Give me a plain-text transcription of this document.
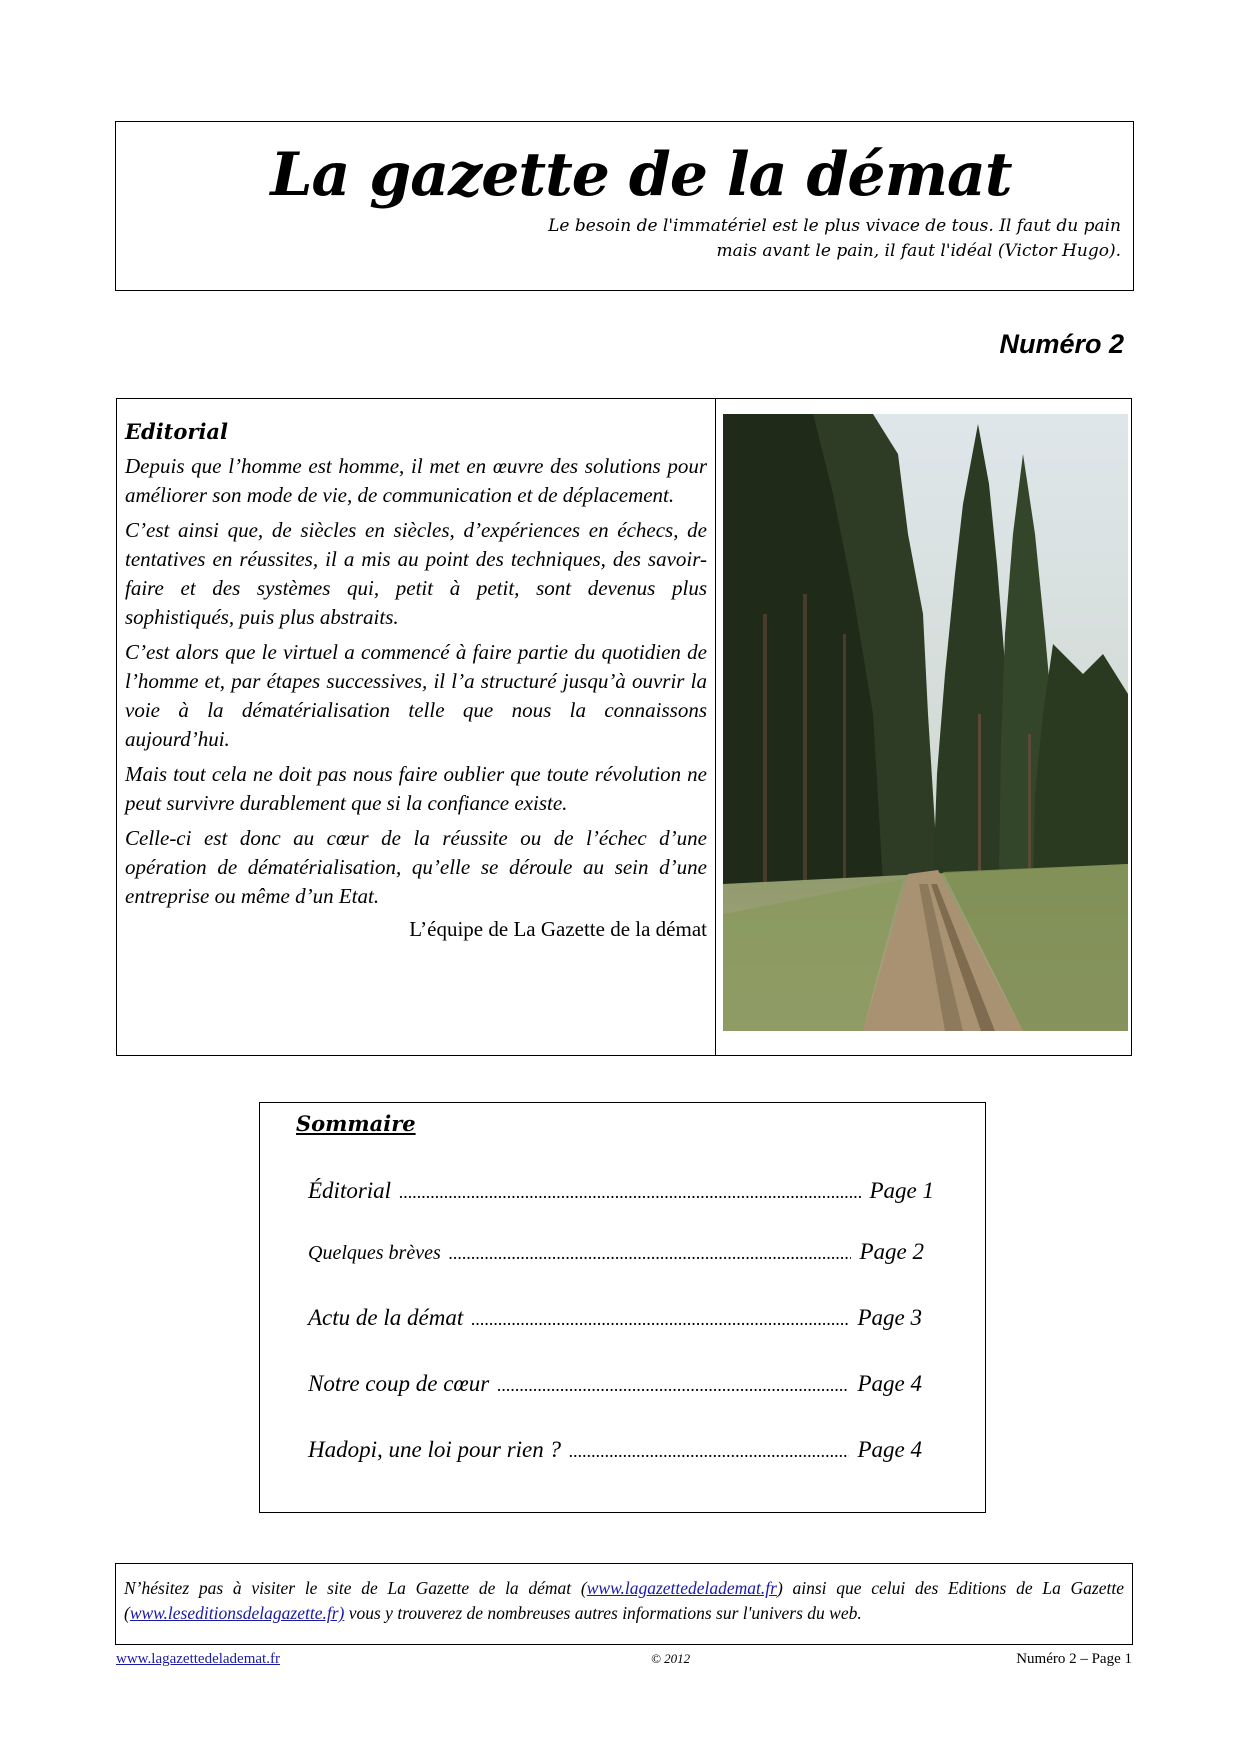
La gazette de la démat
Le besoin de l'immatériel est le plus vivace de tous. Il faut du pain
mais avant le pain, il faut l'idéal (Victor Hugo).
Numéro 2
Editorial

Depuis que l’homme est homme, il met en œuvre des solutions pour améliorer son mode de vie, de communication et de déplacement.

C’est ainsi que, de siècles en siècles, d’expériences en échecs, de tentatives en réussites, il a mis au point des techniques, des savoir-faire et des systèmes qui, petit à petit, sont devenus plus sophistiqués, puis plus abstraits.

C’est alors que le virtuel a commencé à faire partie du quotidien de l’homme et, par étapes successives, il l’a structuré jusqu’à ouvrir la voie à la dématérialisation telle que nous la connaissons aujourd’hui.

Mais tout cela ne doit pas nous faire oublier que toute révolution ne peut survivre durablement que si la confiance existe.

Celle-ci est donc au cœur de la réussite ou de l’échec d’une opération de dématérialisation, qu’elle se déroule au sein d’une entreprise ou même d’un Etat.

L’équipe de La Gazette de la démat
Sommaire
Éditorial .....	Page 1
Quelques brèves .....	Page 2
Actu de la démat .....	Page 3
Notre coup de cœur .....	Page 4
Hadopi, une loi pour rien ? .....	Page 4
N’hésitez pas à visiter le site de La Gazette de la démat (www.lagazettedelademat.fr) ainsi que celui des Editions de La Gazette (www.leseditionsdelagazette.fr) vous y trouverez de nombreuses autres informations sur l'univers du web.
www.lagazettedelademat.fr	© 2012	Numéro 2 – Page 1
